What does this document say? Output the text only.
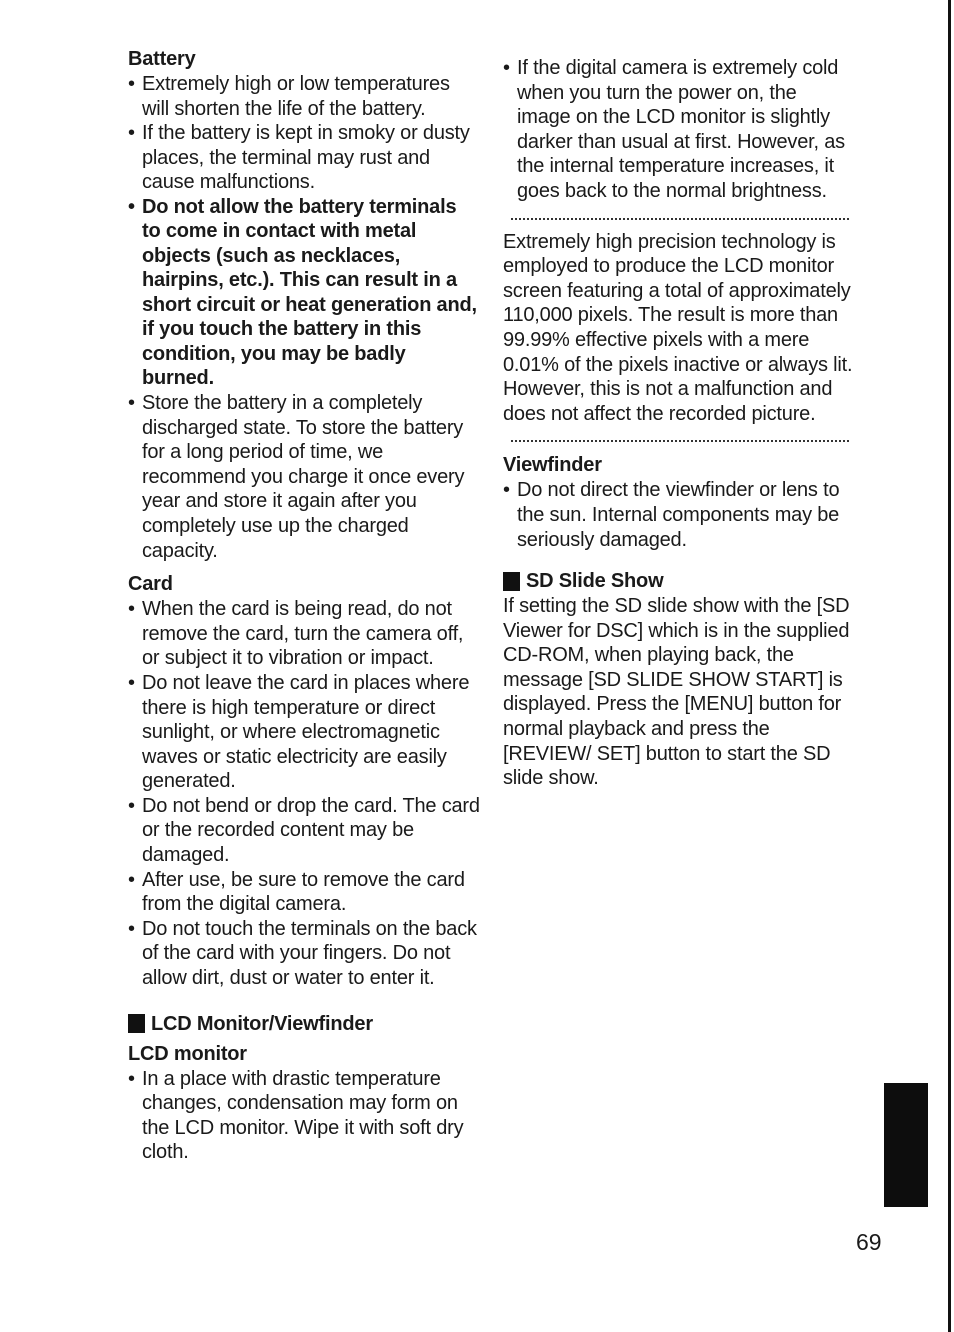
Battery
• Extremely high or low temperatures will shorten the life of the battery.
• If the battery is kept in smoky or dusty places, the terminal may rust and cause malfunctions.
• Do not allow the battery terminals to come in contact with metal objects (such as necklaces, hairpins, etc.). This can result in a short circuit or heat generation and, if you touch the battery in this condition, you may be badly burned.
• Store the battery in a completely discharged state. To store the battery for a long period of time, we recommend you charge it once every year and store it again after you completely use up the charged capacity.
Card
• When the card is being read, do not remove the card, turn the camera off, or subject it to vibration or impact.
• Do not leave the card in places where there is high temperature or direct sunlight, or where electromagnetic waves or static electricity are easily generated.
• Do not bend or drop the card. The card or the recorded content may be damaged.
• After use, be sure to remove the card from the digital camera.
• Do not touch the terminals on the back of the card with your fingers. Do not allow dirt, dust or water to enter it.
LCD Monitor/Viewfinder
LCD monitor
• In a place with drastic temperature changes, condensation may form on the LCD monitor. Wipe it with soft dry cloth.
• If the digital camera is extremely cold when you turn the power on, the image on the LCD monitor is slightly darker than usual at first. However, as the internal temperature increases, it goes back to the normal brightness.

Extremely high precision technology is employed to produce the LCD monitor screen featuring a total of approximately 110,000 pixels. The result is more than 99.99% effective pixels with a mere 0.01% of the pixels inactive or always lit. However, this is not a malfunction and does not affect the recorded picture.

Viewfinder
• Do not direct the viewfinder or lens to the sun. Internal components may be seriously damaged.
SD Slide Show

If setting the SD slide show with the [SD Viewer for DSC] which is in the supplied CD-ROM, when playing back, the message [SD SLIDE SHOW START] is displayed. Press the [MENU] button for normal playback and press the [REVIEW/ SET] button to start the SD slide show.

69
